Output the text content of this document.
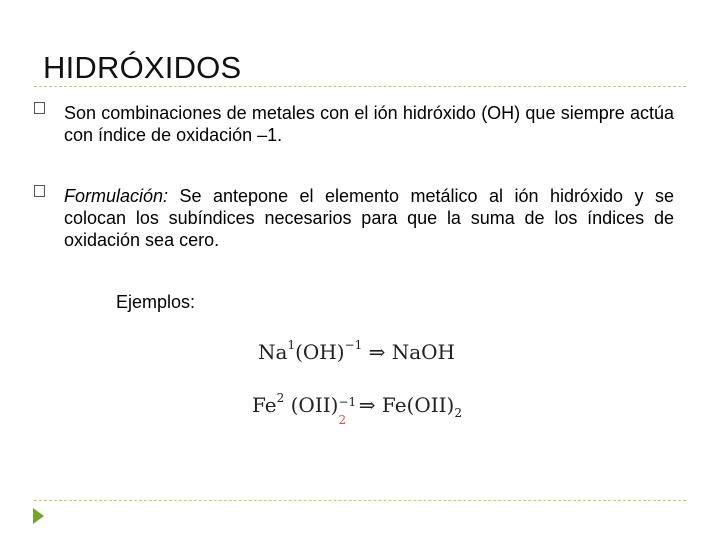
HIDRÓXIDOS
Son combinaciones de metales con el ión hidróxido (OH) que siempre actúa con índice de oxidación –1.
Formulación: Se antepone el elemento metálico al ión hidróxido y se colocan los subíndices necesarios para que la suma de los índices de oxidación sea cero.
Ejemplos:
Na$^1$(OH)$^{-1}$ ⇒ NaOH
Fe$^2$ (OII) −1
2
⇒ $Fe(OII)_2$
